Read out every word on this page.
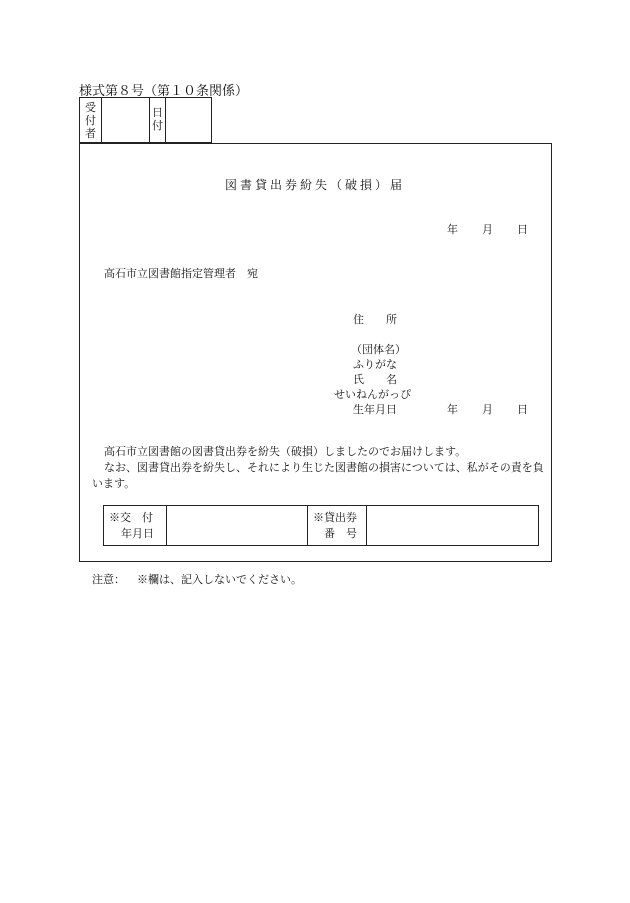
様式第８号（第１０条関係）
受
付
者
日
付
図書貸出券紛失（破損）届
年 月 日
高石市立図書館指定管理者　宛
住　　所
（団体名）
ふりがな
氏　　名
せいねんがっぴ
生年月日	年 月 日
高石市立図書館の図書貸出券を紛失（破損）しましたのでお届けします。
なお、図書貸出券を紛失し、それにより生じた図書館の損害については、私がその責を負います。
※交　付
年月日
※貸出券
番　号
注意： ※欄は、記入しないでください。
